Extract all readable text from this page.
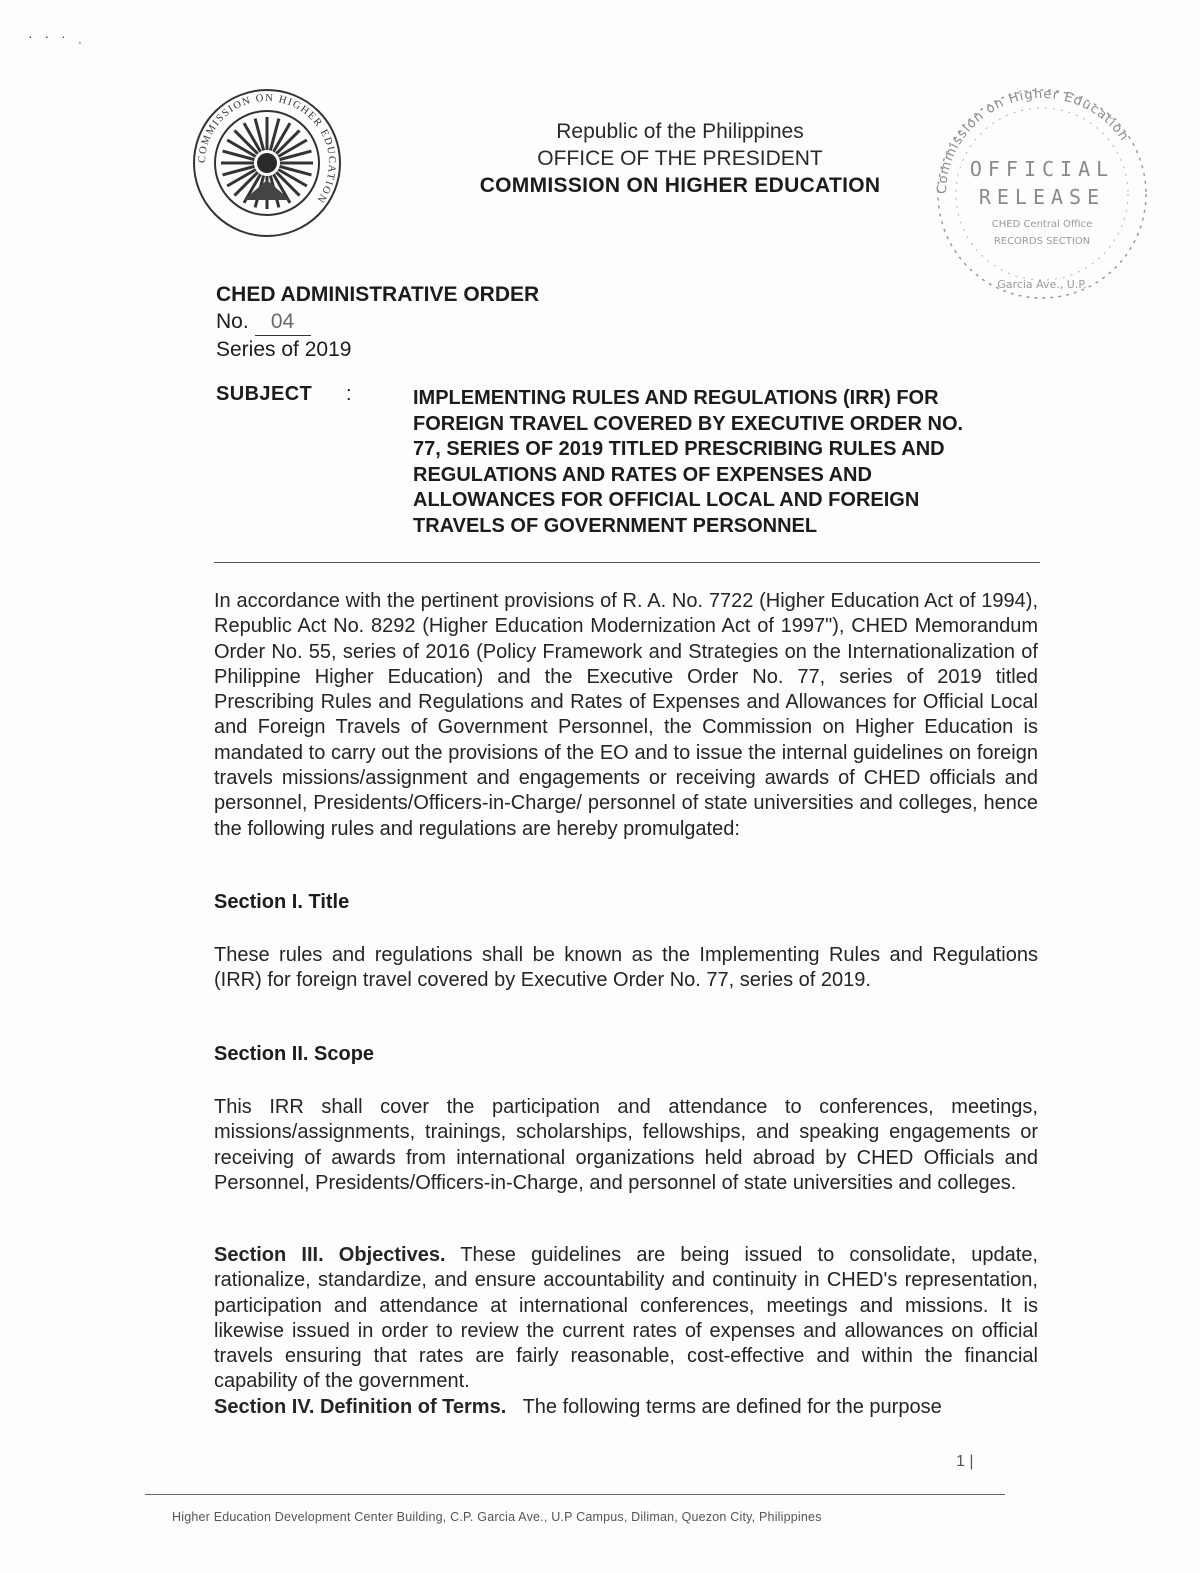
· · · ˌ
COMMISSION ON HIGHER EDUCATION
Republic of the Philippines
OFFICE OF THE PRESIDENT
COMMISSION ON HIGHER EDUCATION	Commission on Higher Education
OFFICIAL
RELEASE
CHED Central Office
RECORDS SECTION
Garcia Ave., U.P.
CHED ADMINISTRATIVE ORDER
No. 04
Series of 2019
SUBJECT :	IMPLEMENTING RULES AND REGULATIONS (IRR) FOR
FOREIGN TRAVEL COVERED BY EXECUTIVE ORDER NO.
77, SERIES OF 2019 TITLED PRESCRIBING RULES AND
REGULATIONS AND RATES OF EXPENSES AND
ALLOWANCES FOR OFFICIAL LOCAL AND FOREIGN
TRAVELS OF GOVERNMENT PERSONNEL
In accordance with the pertinent provisions of R. A. No. 7722 (Higher Education Act of 1994), Republic Act No. 8292 (Higher Education Modernization Act of 1997"), CHED Memorandum Order No. 55, series of 2016 (Policy Framework and Strategies on the Internationalization of Philippine Higher Education) and the Executive Order No. 77, series of 2019 titled Prescribing Rules and Regulations and Rates of Expenses and Allowances for Official Local and Foreign Travels of Government Personnel, the Commission on Higher Education is mandated to carry out the provisions of the EO and to issue the internal guidelines on foreign travels missions/assignment and engagements or receiving awards of CHED officials and personnel, Presidents/Officers-in-Charge/ personnel of state universities and colleges, hence the following rules and regulations are hereby promulgated:
Section I. Title
These rules and regulations shall be known as the Implementing Rules and Regulations (IRR) for foreign travel covered by Executive Order No. 77, series of 2019.
Section II. Scope
This IRR shall cover the participation and attendance to conferences, meetings, missions/assignments, trainings, scholarships, fellowships, and speaking engagements or receiving of awards from international organizations held abroad by CHED Officials and Personnel, Presidents/Officers-in-Charge, and personnel of state universities and colleges.
Section III. Objectives. These guidelines are being issued to consolidate, update, rationalize, standardize, and ensure accountability and continuity in CHED's representation, participation and attendance at international conferences, meetings and missions. It is likewise issued in order to review the current rates of expenses and allowances on official travels ensuring that rates are fairly reasonable, cost-effective and within the financial capability of the government.
Section IV. Definition of Terms. The following terms are defined for the purpose
1 |
Higher Education Development Center Building, C.P. Garcia Ave., U.P Campus, Diliman, Quezon City, Philippines
